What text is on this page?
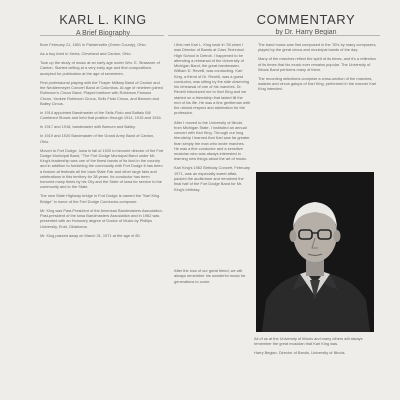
KARL L. KING
A Brief Biography
COMMENTARY
by Dr. Harry Begian

Born February 21, 1891 in Paintersville (Green County), Ohio.

As a boy lived in Xenia, Cleveland and Canton, Ohio.

Took up the study of music at an early age under Wm. E. Strassner of Canton. Started writing at a very early age and first compositions accepted for publication at the age of seventeen.

First professional playing with the Thayer Military Band of Canton and the Neddermeyer Concert Band of Columbus. At age of nineteen joined Robinson's Circus Band. Played baritone with Robinson Famous Circus, Yankee Robinson Circus, Sells Floto Circus, and Barnum and Bailey Circus.

In 1914 appointed Bandmaster of the Sells-Floto and Buffalo Bill Combined Shows and held that position through 1914, 1915 and 1916.

In 1917 and 1918, bandmaster with Barnum and Bailey.

In 1919 and 1920 Bandmaster of the Grand Army Band of Canton, Ohio.

Moved to Fort Dodge, Iowa in fall of 1920 to become director of the Fort Dodge Municipal Band, "The Fort Dodge Municipal Band under Mr. King's leadership was one of the finest bands of its kind in the country and in addition to furnishing the community with Fort Dodge it has been a feature at festivals all the Iowa State Fair and other large fairs and celebrations in this territory for 38 years. Its conductor has been honored many times by his City and the State of Iowa for service to the community and to the State.

The new State Highway bridge in Fort Dodge is named the "Karl King Bridge" in honor of the Fort Dodge Conductor-composer.

Mr. King was Past-President of the American Bandmasters Association. Past-president of the Iowa Bandmasters Association and in 1962 was presented with an Honorary degree of Doctor of Music by Phillips University, Enid, Oklahoma.

Mr. King passed away on March 31, 1971 at the age of 80.

I first met Karl L. King back in '35 when I was Director of Bands at Cass Technical High School in Detroit. I happened to be attending a rehearsal of the University of Michigan Band, the great bandmaster, William D. Revelli, was conducting. Karl King, a friend of Dr. Revelli, was a guest conductor, was sitting by the side observing his rehearsal of one of his marches. Dr. Revelli introduced me to Karl King and we started on a friendship that lasted till the end of his life. He was a fine gentleman with the utmost respect and admiration for the profession.

After I moved to the University of Illinois from Michigan State, I instituted an annual concert with Karl King. Through our long friendship I learned that Karl was far greater than simply the man who wrote marches. He was a fine conductor and a sensitive musician who was always interested in learning new things about the art of music.

Karl King's 1962 Birthday Concert, February 1971, was an especially sweet affair, packed the auditorium and remained the final half of the Fort Dodge Band for Mr. King's birthday.

After the loss of our great friend, we will always remember his wonderful music for generations to come.

The band music was first composed in the '30's by many composers, played by the great circus and municipal bands of the day.

Many of the marches reflect the spirit of its times, and it's a reflection of its times that his music ever remains popular. The University of Illinois Band performs many of them.

The recording selections comprise a cross-section of the marches, waltzes and circus galops of Karl King, performed in the manner Karl King intended.

All of us at the University of Illinois and many others will always remember the great musician that Karl King was.

Harry Begian, Director of Bands, University of Illinois.
